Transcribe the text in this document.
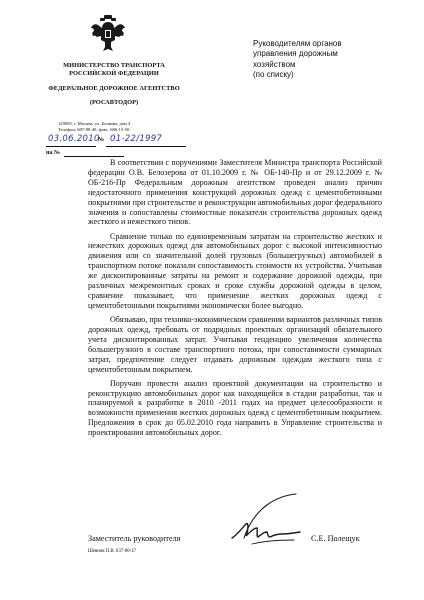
МИНИСТЕРСТВО ТРАНСПОРТА
РОССИЙСКОЙ ФЕДЕРАЦИИ
ФЕДЕРАЛЬНОЕ ДОРОЖНОЕ АГЕНТСТВО
(РОСАВТОДОР)
129085, г. Москва, ул. Бочкова, дом 4
Телефон: 687-88-40, факс: 686-15-50
03.06.2010
№ 01-22/1997
на №
Руководителям органов
управления дорожным
хозяйством
(по списку)

В соответствии с поручениями Заместителя Министра транспорта Российской федерации О.В. Белозерова от 01.10.2009 г. № ОБ-140-Пр и от 29.12.2009 г. № ОБ-216-Пр Федеральным дорожным агентством проведен анализ причин недостаточного применения конструкций дорожных одежд с цементобетонными покрытиями при строительстве и реконструкции автомобильных дорог федерального значения и сопоставлены стоимостные показатели строительства дорожных одежд жесткого и нежесткого типов.

Сравнение только по единовременным затратам на строительство жестких и нежестких дорожных одежд для автомобильных дорог с высокой интенсивностью движения или со значительной долей грузовых (большегрузных) автомобилей в транспортном потоке показали сопоставимость стоимости их устройства. Учитывая же дисконтированные затраты на ремонт и содержание дорожной одежды, при различных межремонтных сроках и сроке службы дорожной одежды в целом, сравнение показывает, что применение жестких дорожных одежд с цементобетонными покрытиями экономически более выгодно.

Обязываю, при технико-экономическом сравнении вариантов различных типов дорожных одежд, требовать от подрядных проектных организаций обязательного учета дисконтированных затрат. Учитывая тенденцию увеличения количества большегрузного в составе транспортного потока, при сопоставимости суммарных затрат, предпочтение следует отдавать дорожным одеждам жесткого типа с цементобетонным покрытием.

Поручаю провести анализ проектной документации на строительство и реконструкцию автомобильных дорог как находящейся в стадии разработки, так и планируемой к разработке в 2010 -2011 годах на предмет целесообразности и возможности применения жестких дорожных одежд с цементобетонным покрытием. Предложения в срок до 05.02.2010 года направить в Управление строительства и проектирования автомобильных дорог.

Заместитель руководителя	С.Е. Полещук
Шевнов П.В. 637-80-37
